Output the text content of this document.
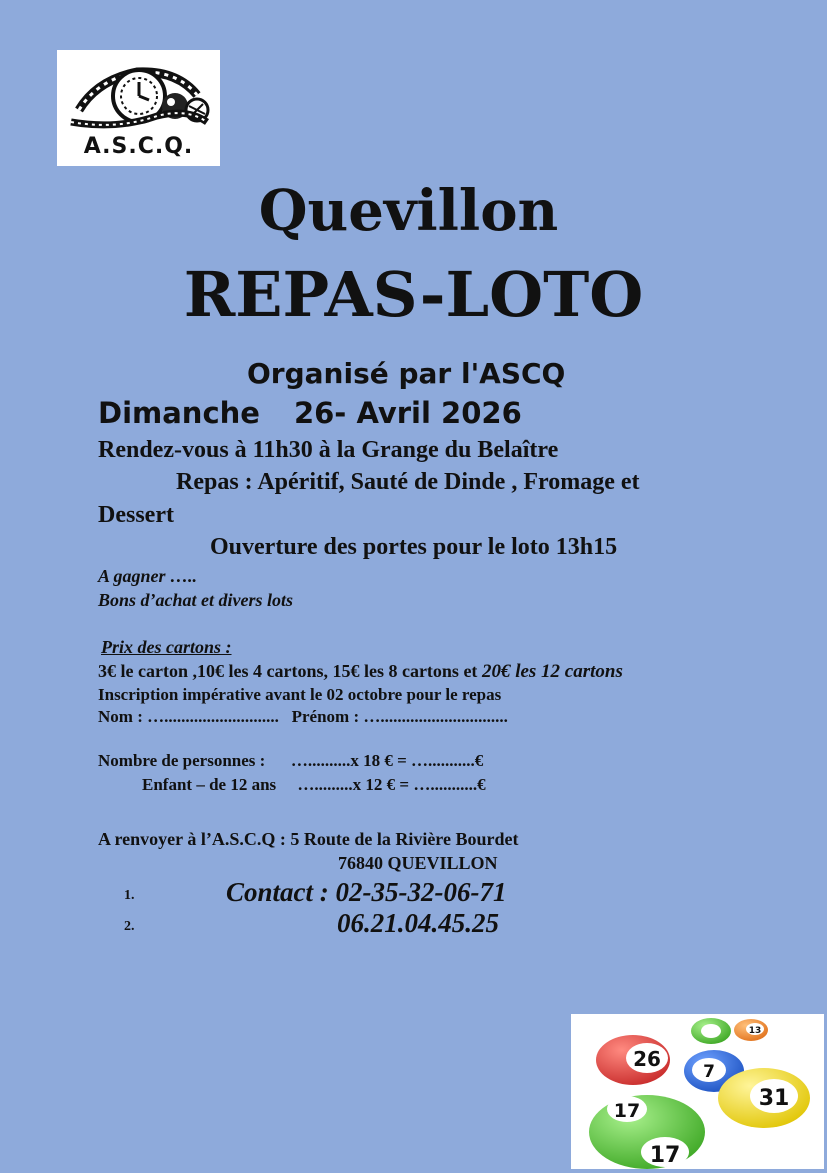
A.S.C.Q.
Quevillon
REPAS-LOTO
Organisé par l'ASCQ
Dimanche 26- Avril 2026
Rendez-vous à 11h30 à la Grange du Belaître
Repas : Apéritif, Sauté de Dinde , Fromage et
Dessert
Ouverture des portes pour le loto 13h15
A gagner …..
Bons d’achat et divers lots
Prix des cartons :
3€ le carton ,10€ les 4 cartons, 15€ les 8 cartons et 20€ les 12 cartons
Inscription impérative avant le 02 octobre pour le repas
Nom : …...........................   Prénom : …..............................
Nombre de personnes :      …..........x 18 € = …...........€
Enfant – de 12 ans     ….........x 12 € = …...........€
A renvoyer à l’A.S.C.Q : 5 Route de la Rivière Bourdet
76840 QUEVILLON
1.	Contact : 02-35-32-06-71
2.	06.21.04.45.25
13
26
7
31
17
17
